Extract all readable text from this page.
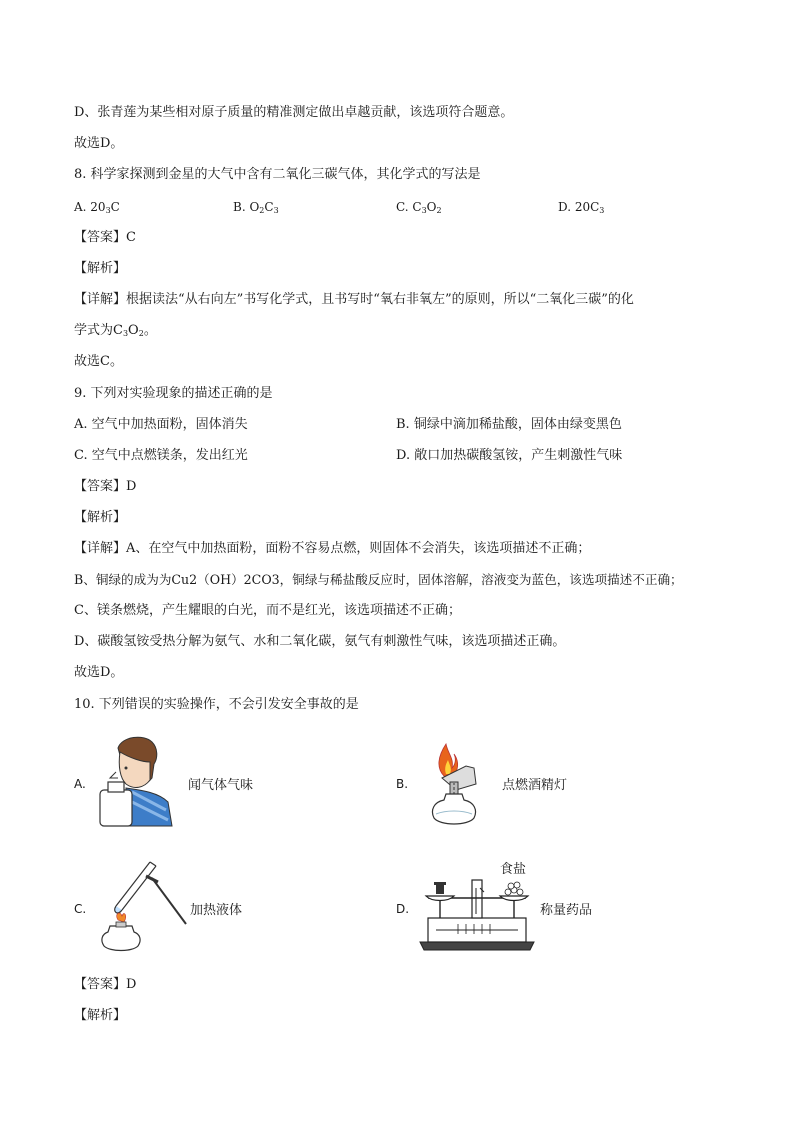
D、张青莲为某些相对原子质量的精准测定做出卓越贡献，该选项符合题意。
故选D。
8. 科学家探测到金星的大气中含有二氧化三碳气体，其化学式的写法是
A. $20_3C$	B. $O_2C_3$	C. $C_3O_2$	D. $20C_3$
【答案】C
【解析】
【详解】根据读法“从右向左”书写化学式，且书写时“氧右非氧左”的原则，所以“二氧化三碳”的化
学式为$C_3O_2$。
故选C。
9. 下列对实验现象的描述正确的是
A. 空气中加热面粉，固体消失	B. 铜绿中滴加稀盐酸，固体由绿变黑色
C. 空气中点燃镁条，发出红光	D. 敞口加热碳酸氢铵，产生刺激性气味
【答案】D
【解析】
【详解】A、在空气中加热面粉，面粉不容易点燃，则固体不会消失，该选项描述不正确；
B、铜绿的成为为Cu2（OH）2CO3，铜绿与稀盐酸反应时，固体溶解，溶液变为蓝色，该选项描述不正确；
C、镁条燃烧，产生耀眼的白光，而不是红光，该选项描述不正确；
D、碳酸氢铵受热分解为氨气、水和二氧化碳，氨气有刺激性气味，该选项描述正确。
故选D。
10. 下列错误的实验操作，不会引发安全事故的是
A.	闻气体气味	B.	点燃酒精灯
C.	加热液体	D.
食盐
称量药品
【答案】D
【解析】
